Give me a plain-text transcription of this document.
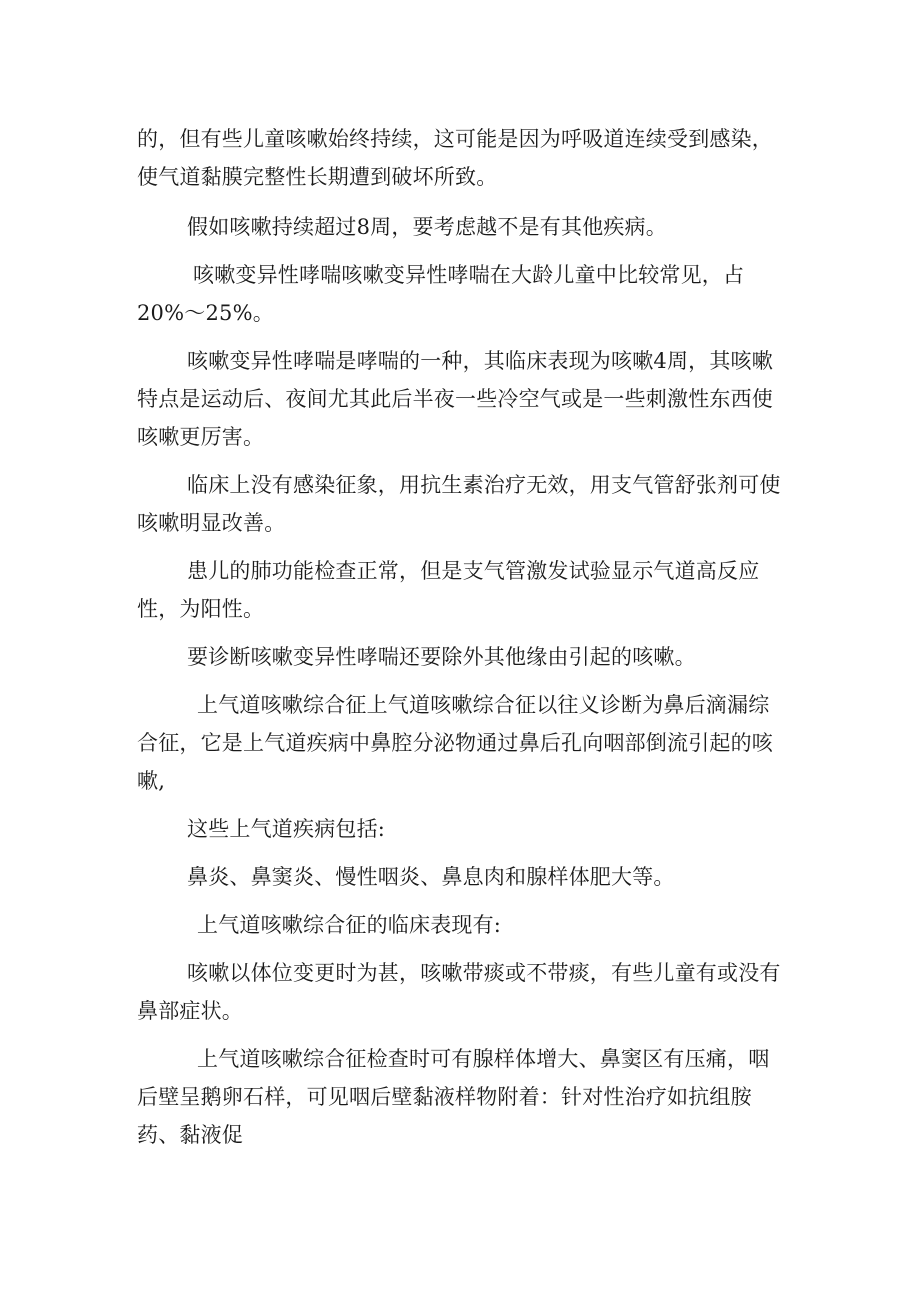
的，但有些儿童咳嗽始终持续，这可能是因为呼吸道连续受到感染，使气道黏膜完整性长期遭到破坏所致。

假如咳嗽持续超过8周，要考虑越不是有其他疾病。

咳嗽变异性哮喘咳嗽变异性哮喘在大龄儿童中比较常见，占20%～25%。

咳嗽变异性哮喘是哮喘的一种，其临床表现为咳嗽4周，其咳嗽特点是运动后、夜间尤其此后半夜一些冷空气或是一些刺激性东西使咳嗽更厉害。

临床上没有感染征象，用抗生素治疗无效，用支气管舒张剂可使咳嗽明显改善。

患儿的肺功能检查正常，但是支气管激发试验显示气道高反应性，为阳性。

要诊断咳嗽变异性哮喘还要除外其他缘由引起的咳嗽。

上气道咳嗽综合征上气道咳嗽综合征以往义诊断为鼻后滴漏综合征，它是上气道疾病中鼻腔分泌物通过鼻后孔向咽部倒流引起的咳嗽,

这些上气道疾病包括:

鼻炎、鼻窦炎、慢性咽炎、鼻息肉和腺样体肥大等。

上气道咳嗽综合征的临床表现有:

咳嗽以体位变更时为甚，咳嗽带痰或不带痰，有些儿童有或没有鼻部症状。

上气道咳嗽综合征检查时可有腺样体增大、鼻窦区有压痛，咽后壁呈鹅卵石样，可见咽后壁黏液样物附着：针对性治疗如抗组胺药、黏液促
